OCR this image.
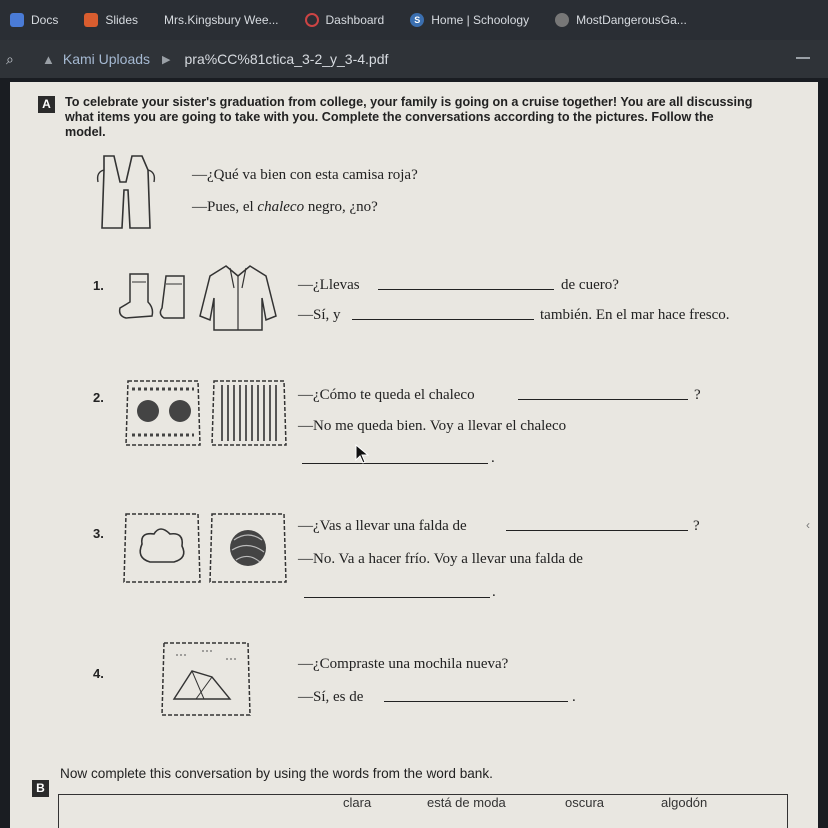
Docs	Slides Mrs.Kingsbury Wee...	Dashboard	S Home | Schoology	MostDangerousGa...
⌕	▲ Kami Uploads ▶ pra%CC%81ctica_3-2_y_3-4.pdf
A	To celebrate your sister's graduation from college, your family is going on a cruise together! You are all discussing what items you are going to take with you. Complete the conversations according to the pictures. Follow the model.
—¿Qué va bien con esta camisa roja?
—Pues, el chaleco negro, ¿no?
1.	—¿Llevas	de cuero?
—Sí, y	también. En el mar hace fresco.
2.	—¿Cómo te queda el chaleco	?
—No me queda bien. Voy a llevar el chaleco
.
3.	—¿Vas a llevar una falda de	?
—No. Va a hacer frío. Voy a llevar una falda de
.
4.
—¿Compraste una mochila nueva?
—Sí, es de	.
B
Now complete this conversation by using the words from the word bank.
clara	está de moda	oscura	algodón
‹
